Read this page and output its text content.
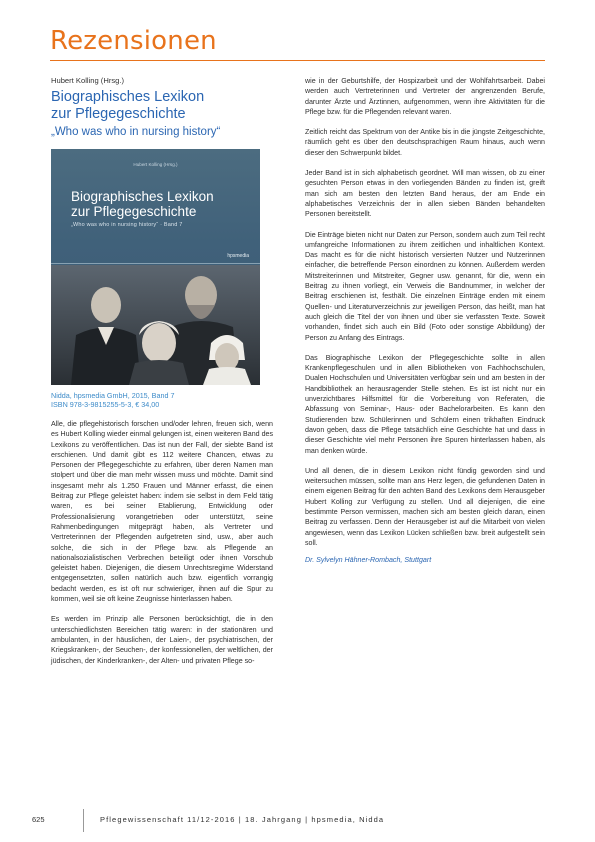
Rezensionen
Hubert Kolling (Hrsg.)
Biographisches Lexikon
zur Pflegegeschichte
„Who was who in nursing history“
Hubert Kolling (Hrsg.)
Biographisches Lexikon
zur Pflegegeschichte
„Who was who in nursing history“ · Band 7
hpsmedia
Nidda, hpsmedia GmbH, 2015, Band 7
ISBN 978-3-9815255-5-3, € 34,00

Alle, die pflegehistorisch forschen und/oder lehren, freuen sich, wenn es Hubert Kolling wieder einmal gelungen ist, einen weiteren Band des Lexikons zu veröffentlichen. Das ist nun der Fall, der siebte Band ist erschienen. Und damit gibt es 112 weitere Chancen, etwas zu Personen der Pflegegeschichte zu erfahren, über deren Namen man stolpert und über die man mehr wissen muss und möchte. Damit sind insgesamt mehr als 1.250 Frauen und Männer erfasst, die einen Beitrag zur Pflege geleistet haben: indem sie selbst in dem Feld tätig waren, es bei seiner Etablierung, Entwicklung oder Professionalisierung vorangetrieben oder unterstützt, seine Rahmenbedingungen mitgeprägt haben, als Vertreter und Vertreterinnen der Pflegenden aufgetreten sind, usw., aber auch solche, die sich in der Pflege bzw. als Pflegende an nationalsozialistischen Verbrechen beteiligt oder ihnen Vorschub geleistet haben. Diejenigen, die diesem Unrechtsregime Widerstand entgegensetzten, sollen natürlich auch bzw. eigentlich vorrangig bedacht werden, es ist oft nur schwieriger, ihnen auf die Spur zu kommen, weil sie oft keine Zeugnisse hinterlassen haben.

Es werden im Prinzip alle Personen berücksichtigt, die in den unterschiedlichsten Bereichen tätig waren: in der stationären und ambulanten, in der häuslichen, der Laien-, der psychiatrischen, der Kriegskranken-, der Seuchen-, der konfessionellen, der weltlichen, der jüdischen, der Kinderkranken-, der Alten- und privaten Pflege so-

wie in der Geburtshilfe, der Hospizarbeit und der Wohlfahrtsarbeit. Dabei werden auch Vertreterinnen und Vertreter der angrenzenden Berufe, darunter Ärzte und Ärztinnen, aufgenommen, wenn ihre Aktivitäten für die Pflege bzw. für die Pflegenden relevant waren.

Zeitlich reicht das Spektrum von der Antike bis in die jüngste Zeitgeschichte, räumlich geht es über den deutschsprachigen Raum hinaus, auch wenn dieser den Schwerpunkt bildet.

Jeder Band ist in sich alphabetisch geordnet. Will man wissen, ob zu einer gesuchten Person etwas in den vorliegenden Bänden zu finden ist, greift man sich am besten den letzten Band heraus, der am Ende ein alphabetisches Verzeichnis der in allen sieben Bänden behandelten Personen bereitstellt.

Die Einträge bieten nicht nur Daten zur Person, sondern auch zum Teil recht umfangreiche Informationen zu ihrem zeitlichen und inhaltlichen Kontext. Das macht es für die nicht historisch versierten Nutzer und Nutzerinnen einfacher, die betreffende Person einordnen zu können. Außerdem werden Mitstreiterinnen und Mitstreiter, Gegner usw. genannt, für die, wenn ein Beitrag zu ihnen vorliegt, ein Verweis die Bandnummer, in welcher der Beitrag erschienen ist, festhält. Die einzelnen Einträge enden mit einem Quellen- und Literaturverzeichnis zur jeweiligen Person, das heißt, man hat auch gleich die Titel der von ihnen und über sie verfassten Texte. Soweit vorhanden, findet sich auch ein Bild (Foto oder sonstige Abbildung) der Person zu Anfang des Eintrags.

Das Biographische Lexikon der Pflegegeschichte sollte in allen Krankenpflegeschulen und in allen Bibliotheken von Fachhochschulen, Dualen Hochschulen und Universitäten verfügbar sein und am besten in der Handbibliothek an herausragender Stelle stehen. Es ist ist nicht nur ein unverzichtbares Hilfsmittel für die Vorbereitung von Referaten, die Abfassung von Seminar-, Haus- oder Bachelorarbeiten. Es kann den Studierenden bzw. Schülerinnen und Schülern einen trikhaften Eindruck davon geben, dass die Pflege tatsächlich eine Geschichte hat und dass in dieser Geschichte viel mehr Personen ihre Spuren hinterlassen haben, als man denken würde.

Und all denen, die in diesem Lexikon nicht fündig geworden sind und weitersuchen müssen, sollte man ans Herz legen, die gefundenen Daten in einem eigenen Beitrag für den achten Band des Lexikons dem Herausgeber Hubert Kolling zur Verfügung zu stellen. Und all diejenigen, die eine bestimmte Person vermissen, machen sich am besten gleich daran, einen Beitrag zu verfassen. Denn der Herausgeber ist auf die Mitarbeit von vielen angewiesen, wenn das Lexikon Lücken schließen bzw. breit aufgestellt sein soll.

Dr. Sylvelyn Hähner-Rombach, Stuttgart
625	Pflegewissenschaft 11/12-2016 | 18. Jahrgang | hpsmedia, Nidda
